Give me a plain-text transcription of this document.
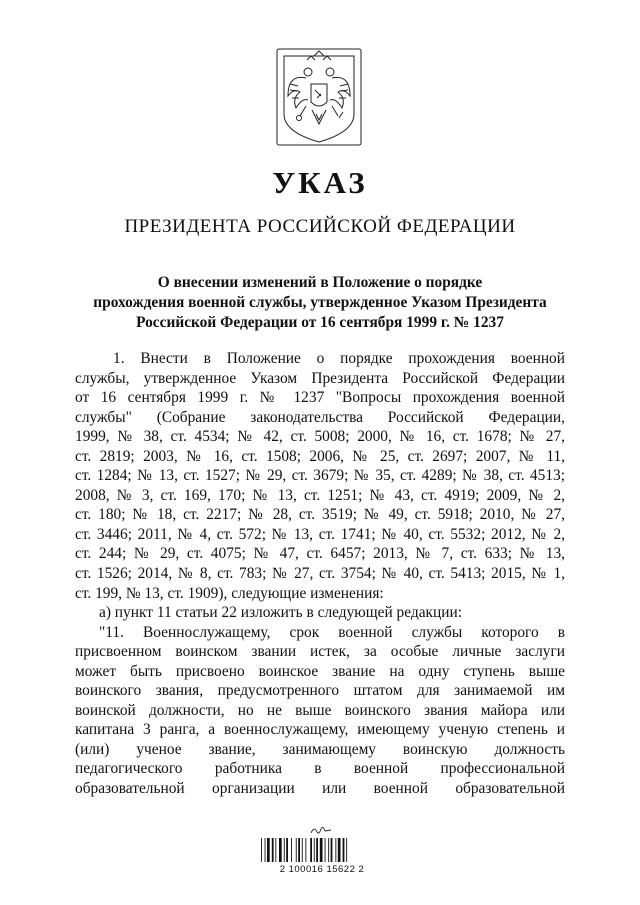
УКАЗ
ПРЕЗИДЕНТА РОССИЙСКОЙ ФЕДЕРАЦИИ
О внесении изменений в Положение о порядке
прохождения военной службы, утвержденное Указом Президента
Российской Федерации от 16 сентября 1999 г. № 1237
1. Внести в Положение о порядке прохождения военной
службы, утвержденное Указом Президента Российской Федерации
от 16 сентября 1999 г. № 1237 "Вопросы прохождения военной
службы" (Собрание законодательства Российской Федерации,
1999, № 38, ст. 4534; № 42, ст. 5008; 2000, № 16, ст. 1678; № 27,
ст. 2819; 2003, № 16, ст. 1508; 2006, № 25, ст. 2697; 2007, № 11,
ст. 1284; № 13, ст. 1527; № 29, ст. 3679; № 35, ст. 4289; № 38, ст. 4513;
2008, № 3, ст. 169, 170; № 13, ст. 1251; № 43, ст. 4919; 2009, № 2,
ст. 180; № 18, ст. 2217; № 28, ст. 3519; № 49, ст. 5918; 2010, № 27,
ст. 3446; 2011, № 4, ст. 572; № 13, ст. 1741; № 40, ст. 5532; 2012, № 2,
ст. 244; № 29, ст. 4075; № 47, ст. 6457; 2013, № 7, ст. 633; № 13,
ст. 1526; 2014, № 8, ст. 783; № 27, ст. 3754; № 40, ст. 5413; 2015, № 1,
ст. 199, № 13, ст. 1909), следующие изменения:
а) пункт 11 статьи 22 изложить в следующей редакции:
"11. Военнослужащему, срок военной службы которого в
присвоенном воинском звании истек, за особые личные заслуги
может быть присвоено воинское звание на одну ступень выше
воинского звания, предусмотренного штатом для занимаемой им
воинской должности, но не выше воинского звания майора или
капитана 3 ранга, а военнослужащему, имеющему ученую степень и
(или) ученое звание, занимающему воинскую должность
педагогического работника в военной профессиональной
образовательной организации или военной образовательной
2 100016 15622 2
